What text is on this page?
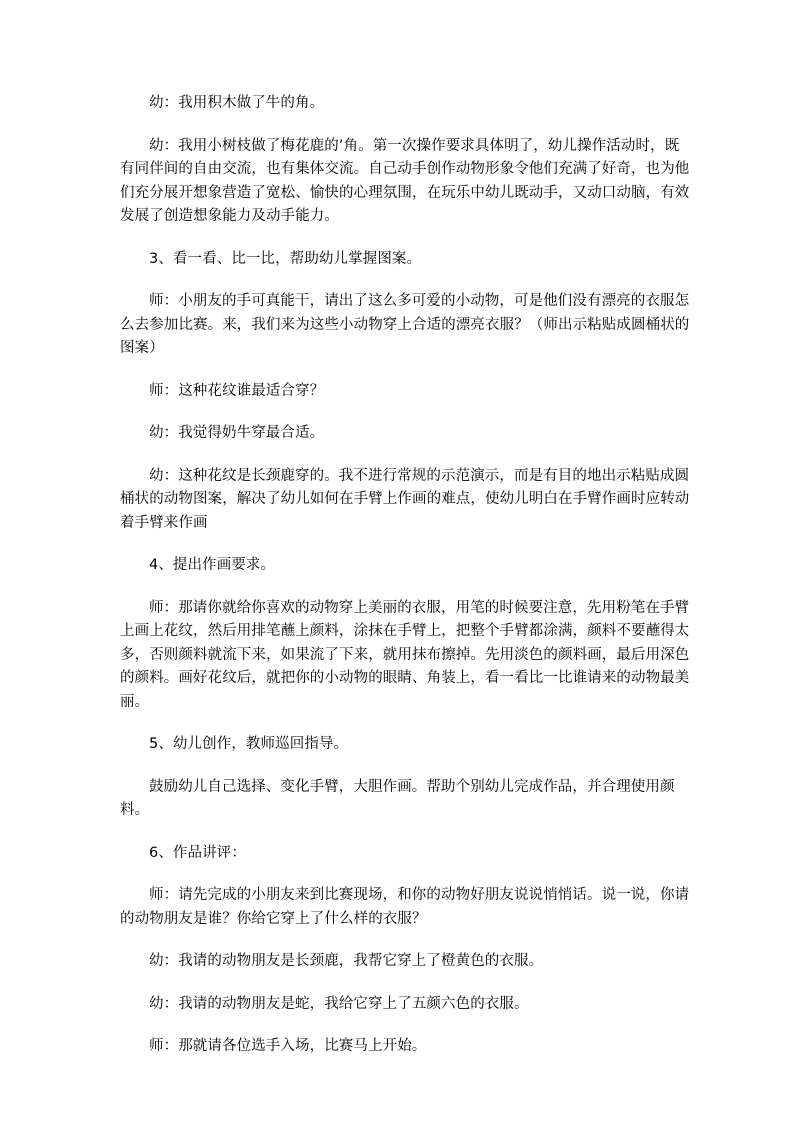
幼：我用积木做了牛的角。

幼：我用小树枝做了梅花鹿的’角。第一次操作要求具体明了，幼儿操作活动时，既有同伴间的自由交流，也有集体交流。自己动手创作动物形象令他们充满了好奇，也为他们充分展开想象营造了宽松、愉快的心理氛围，在玩乐中幼儿既动手，又动口动脑，有效发展了创造想象能力及动手能力。

3、看一看、比一比，帮助幼儿掌握图案。

师：小朋友的手可真能干，请出了这么多可爱的小动物，可是他们没有漂亮的衣服怎么去参加比赛。来，我们来为这些小动物穿上合适的漂亮衣服？（师出示粘贴成圆桶状的图案）

师：这种花纹谁最适合穿？

幼：我觉得奶牛穿最合适。

幼：这种花纹是长颈鹿穿的。我不进行常规的示范演示，而是有目的地出示粘贴成圆桶状的动物图案，解决了幼儿如何在手臂上作画的难点，使幼儿明白在手臂作画时应转动着手臂来作画

4、提出作画要求。

师：那请你就给你喜欢的动物穿上美丽的衣服，用笔的时候要注意，先用粉笔在手臂上画上花纹，然后用排笔蘸上颜料，涂抹在手臂上，把整个手臂都涂满，颜料不要蘸得太多，否则颜料就流下来，如果流了下来，就用抹布擦掉。先用淡色的颜料画，最后用深色的颜料。画好花纹后，就把你的小动物的眼睛、角装上，看一看比一比谁请来的动物最美丽。

5、幼儿创作，教师巡回指导。

鼓励幼儿自己选择、变化手臂，大胆作画。帮助个别幼儿完成作品，并合理使用颜料。

6、作品讲评：

师：请先完成的小朋友来到比赛现场，和你的动物好朋友说说悄悄话。说一说，你请的动物朋友是谁？你给它穿上了什么样的衣服？

幼：我请的动物朋友是长颈鹿，我帮它穿上了橙黄色的衣服。

幼：我请的动物朋友是蛇，我给它穿上了五颜六色的衣服。

师：那就请各位选手入场，比赛马上开始。
